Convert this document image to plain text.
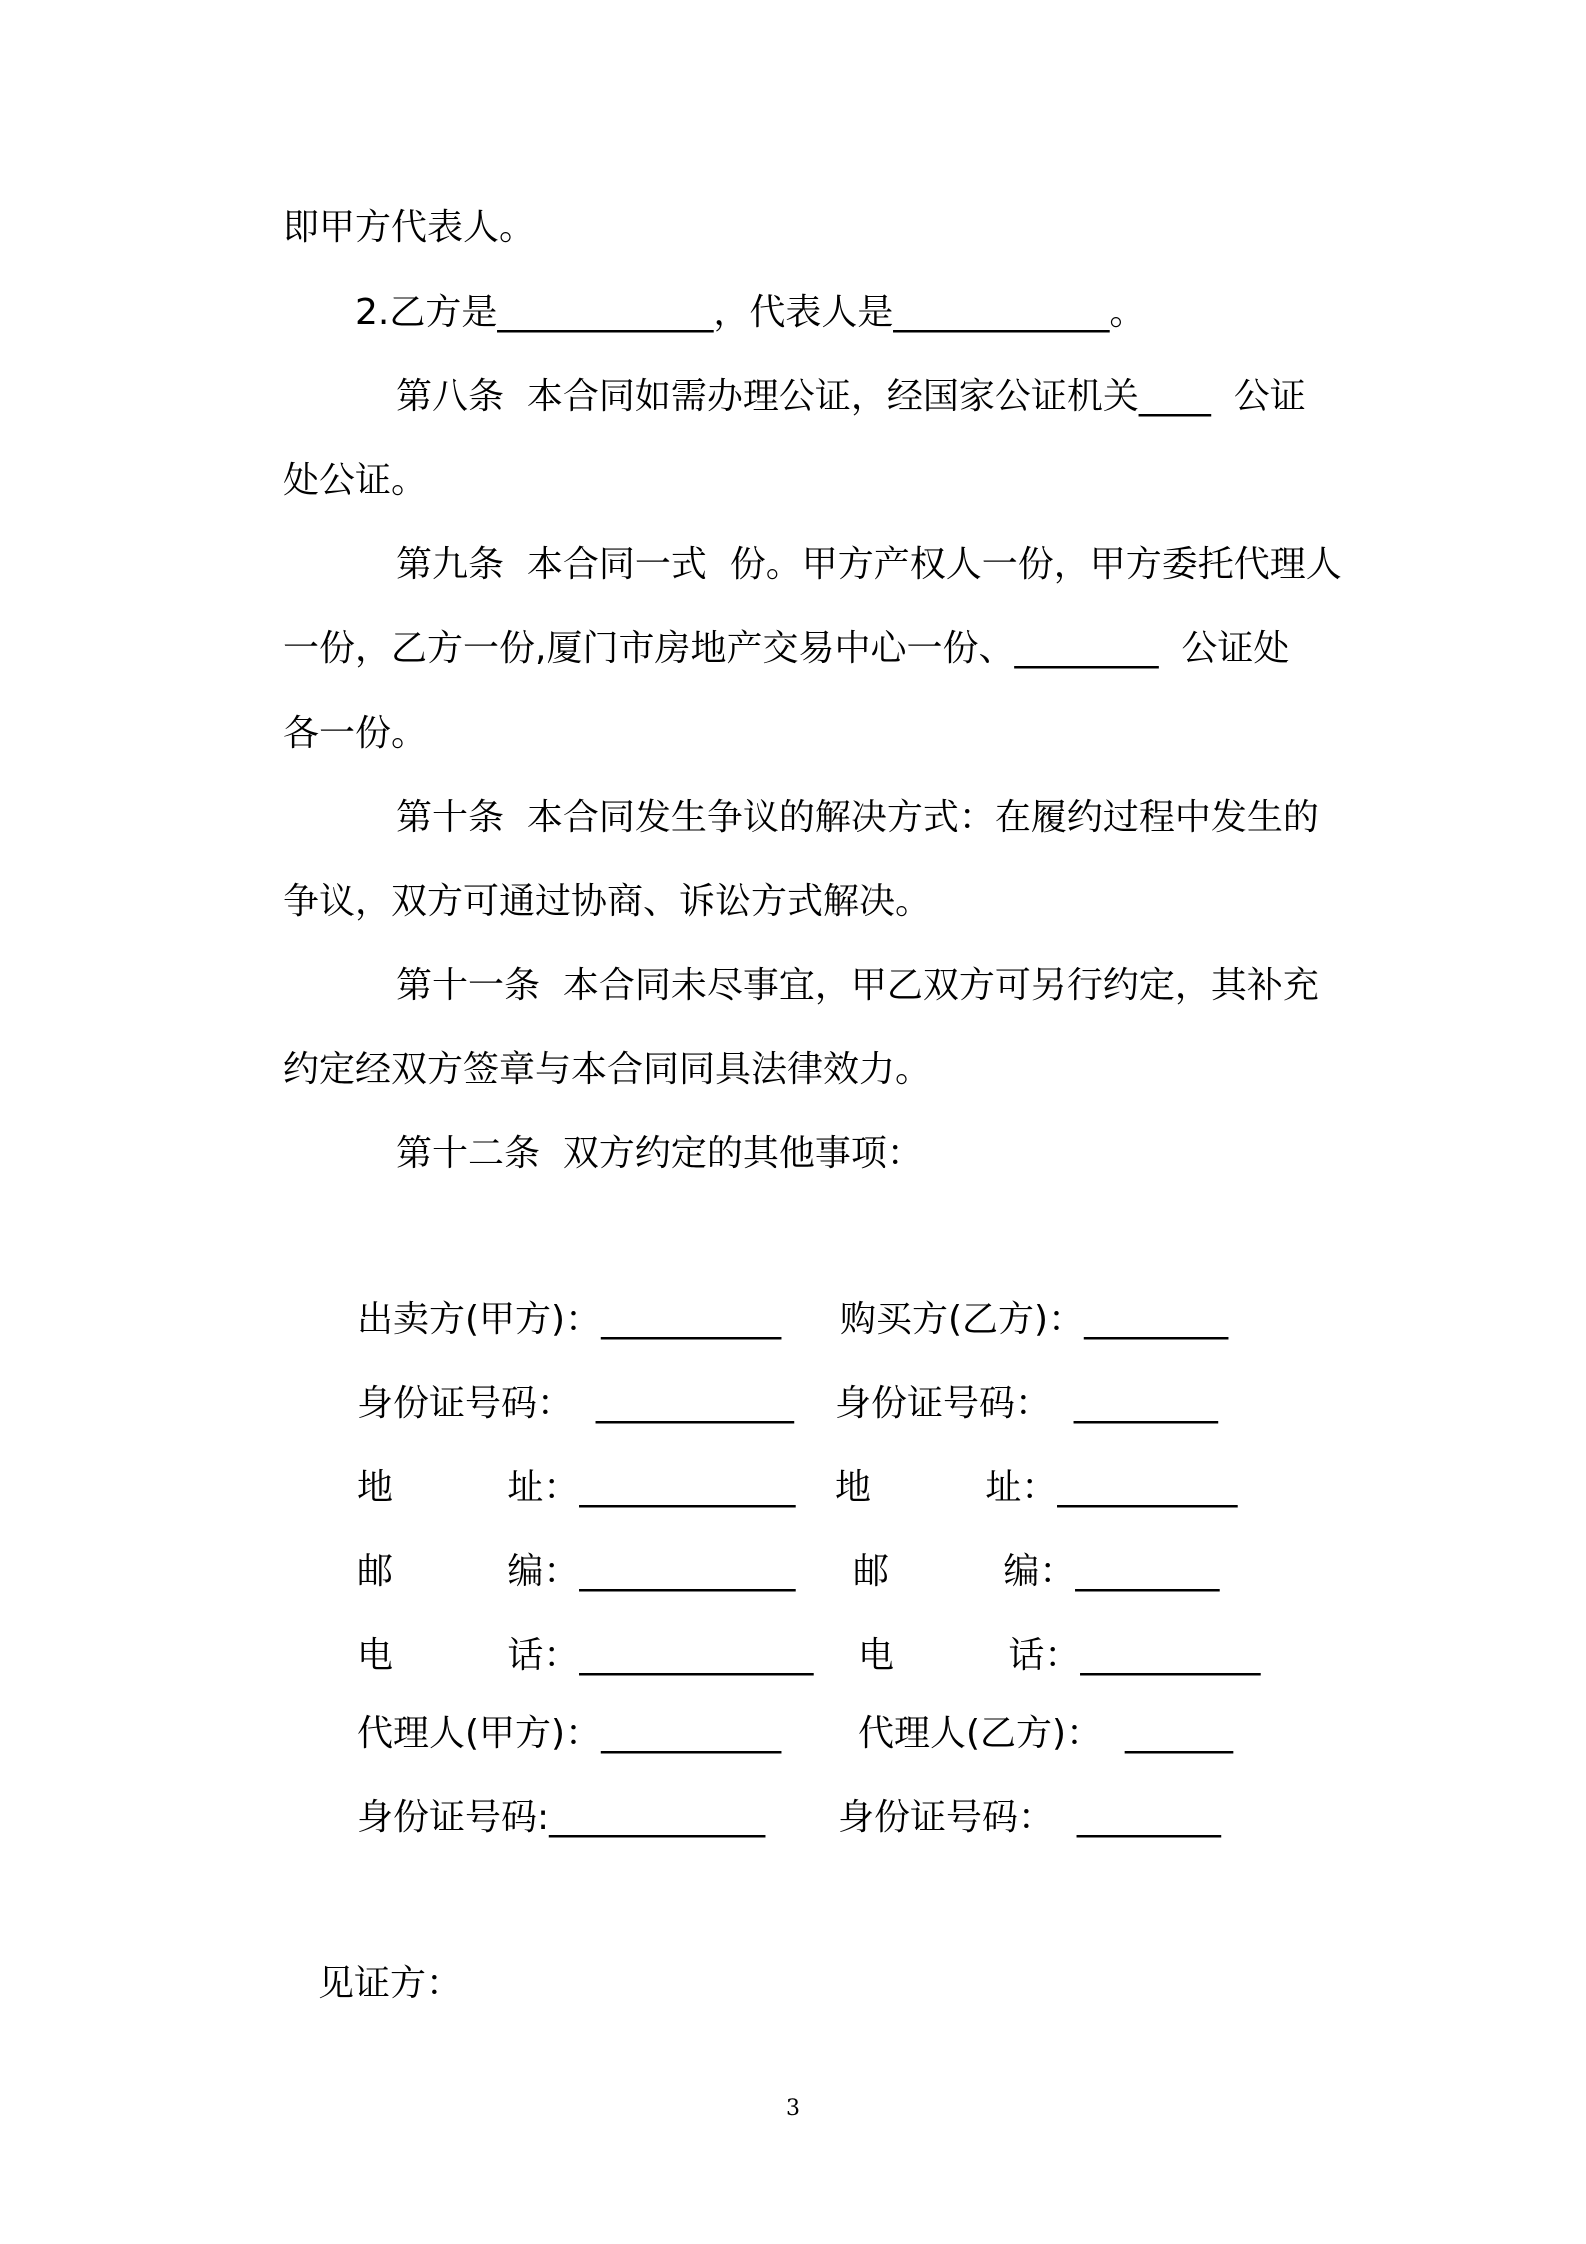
即甲方代表人。
2.乙方是____________，代表人是____________。
第八条  本合同如需办理公证，经国家公证机关____  公证
处公证。
第九条  本合同一式  份。甲方产权人一份，甲方委托代理人
一份，乙方一份,厦门市房地产交易中心一份、________  公证处
各一份。
第十条  本合同发生争议的解决方式：在履约过程中发生的
争议，双方可通过协商、诉讼方式解决。
第十一条  本合同未尽事宜，甲乙双方可另行约定，其补充
约定经双方签章与本合同同具法律效力。
第十二条  双方约定的其他事项：
出卖方(甲方)：__________ 购买方(乙方)：________
身份证号码：  ___________ 身份证号码：  ________
地          址：____________ 地          址：__________
邮          编：____________ 邮          编：________
电          话：_____________ 电          话：__________
代理人(甲方)：__________ 代理人(乙方)：  ______
身份证号码:____________ 身份证号码：  ________
见证方：
3
